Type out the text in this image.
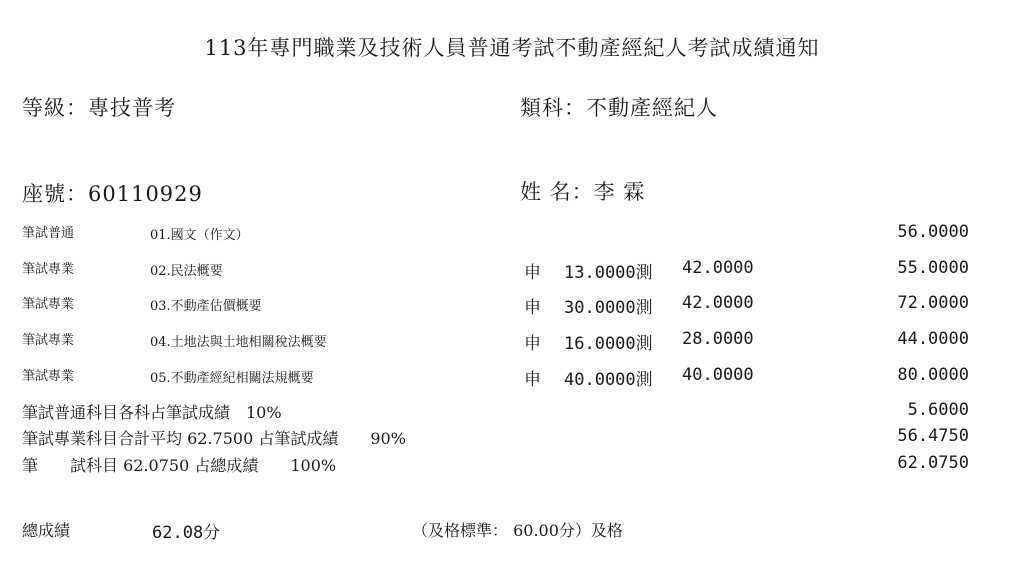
113年專門職業及技術人員普通考試不動產經紀人考試成績通知
等級：專技普考	類科：不動產經紀人
座號：60110929	姓 名：李 霖
筆試普通	01.國文（作文）	56.0000
筆試專業	02.民法概要	申 13.0000測 42.0000	55.0000
筆試專業	03.不動產估價概要	申 30.0000測 42.0000	72.0000
筆試專業	04.土地法與土地相關稅法概要	申 16.0000測 28.0000	44.0000
筆試專業	05.不動產經紀相關法規概要	申 40.0000測 40.0000	80.0000
筆試普通科目各科占筆試成績　10%	5.6000
筆試專業科目合計平均 62.7500 占筆試成績　　90%	56.4750
筆　　試科目 62.0750 占總成績　　100%	62.0750
總成績	62.08分	（及格標準： 60.00分）及格
